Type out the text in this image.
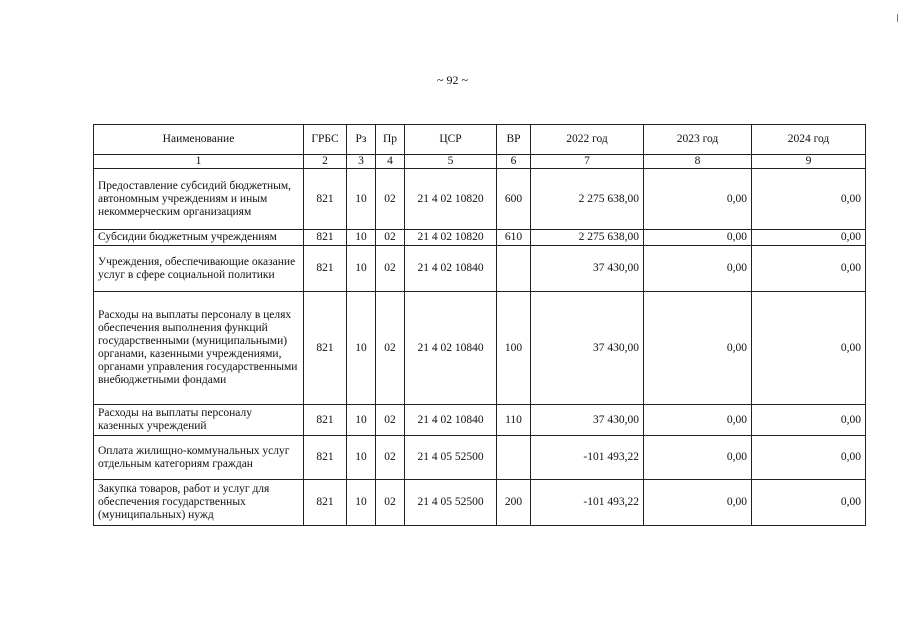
~ 92 ~
Наименование	ГРБС	Рз	Пр	ЦСР	ВР	2022 год	2023 год	2024 год
1	2	3	4	5	6	7	8	9
Предоставление субсидий бюджетным, автономным учреждениям и иным некоммерческим организациям	821	10	02	21 4 02 10820	600	2 275 638,00	0,00	0,00
Субсидии бюджетным учреждениям	821	10	02	21 4 02 10820	610	2 275 638,00	0,00	0,00
Учреждения, обеспечивающие оказание услуг в сфере социальной политики	821	10	02	21 4 02 10840		37 430,00	0,00	0,00
Расходы на выплаты персоналу в целях обеспечения выполнения функций государственными (муниципальными) органами, казенными учреждениями, органами управления государственными внебюджетными фондами	821	10	02	21 4 02 10840	100	37 430,00	0,00	0,00
Расходы на выплаты персоналу казенных учреждений	821	10	02	21 4 02 10840	110	37 430,00	0,00	0,00
Оплата жилищно-коммунальных услуг отдельным категориям граждан	821	10	02	21 4 05 52500		-101 493,22	0,00	0,00
Закупка товаров, работ и услуг для обеспечения государственных (муниципальных) нужд	821	10	02	21 4 05 52500	200	-101 493,22	0,00	0,00
